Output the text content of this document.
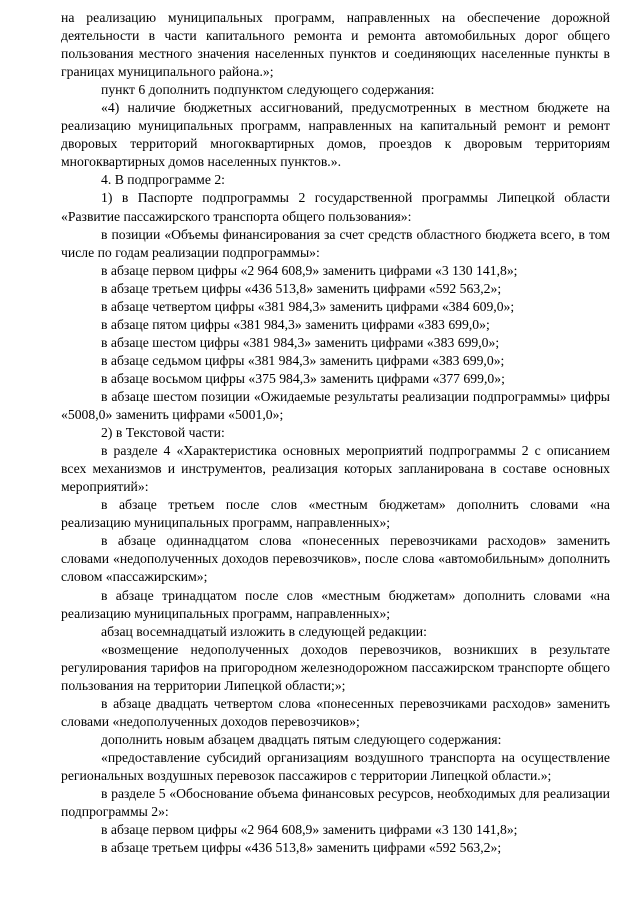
на реализацию муниципальных программ, направленных на обеспечение дорожной деятельности в части капитального ремонта и ремонта автомобильных дорог общего пользования местного значения населенных пунктов и соединяющих населенные пункты в границах муниципального района.»;

пункт 6 дополнить подпунктом следующего содержания:

«4) наличие бюджетных ассигнований, предусмотренных в местном бюджете на реализацию муниципальных программ, направленных на капитальный ремонт и ремонт дворовых территорий многоквартирных домов, проездов к дворовым территориям многоквартирных домов населенных пунктов.».

4. В подпрограмме 2:

1) в Паспорте подпрограммы 2 государственной программы Липецкой области «Развитие пассажирского транспорта общего пользования»:

в позиции «Объемы финансирования за счет средств областного бюджета всего, в том числе по годам реализации подпрограммы»:

в абзаце первом цифры «2 964 608,9» заменить цифрами «3 130 141,8»;

в абзаце третьем цифры «436 513,8» заменить цифрами «592 563,2»;

в абзаце четвертом цифры «381 984,3» заменить цифрами «384 609,0»;

в абзаце пятом цифры «381 984,3» заменить цифрами «383 699,0»;

в абзаце шестом цифры «381 984,3» заменить цифрами «383 699,0»;

в абзаце седьмом цифры «381 984,3» заменить цифрами «383 699,0»;

в абзаце восьмом цифры «375 984,3» заменить цифрами «377 699,0»;

в абзаце шестом позиции «Ожидаемые результаты реализации подпрограммы» цифры «5008,0» заменить цифрами «5001,0»;

2) в Текстовой части:

в разделе 4 «Характеристика основных мероприятий подпрограммы 2 с описанием всех механизмов и инструментов, реализация которых запланирована в составе основных мероприятий»:

в абзаце третьем после слов «местным бюджетам» дополнить словами «на реализацию муниципальных программ, направленных»;

в абзаце одиннадцатом слова «понесенных перевозчиками расходов» заменить словами «недополученных доходов перевозчиков», после слова «автомобильным» дополнить словом «пассажирским»;

в абзаце тринадцатом после слов «местным бюджетам» дополнить словами «на реализацию муниципальных программ, направленных»;

абзац восемнадцатый изложить в следующей редакции:

«возмещение недополученных доходов перевозчиков, возникших в результате регулирования тарифов на пригородном железнодорожном пассажирском транспорте общего пользования на территории Липецкой области;»;

в абзаце двадцать четвертом слова «понесенных перевозчиками расходов» заменить словами «недополученных доходов перевозчиков»;

дополнить новым абзацем двадцать пятым следующего содержания:

«предоставление субсидий организациям воздушного транспорта на осуществление региональных воздушных перевозок пассажиров с территории Липецкой области.»;

в разделе 5 «Обоснование объема финансовых ресурсов, необходимых для реализации подпрограммы 2»:

в абзаце первом цифры «2 964 608,9» заменить цифрами «3 130 141,8»;

в абзаце третьем цифры «436 513,8» заменить цифрами «592 563,2»;
